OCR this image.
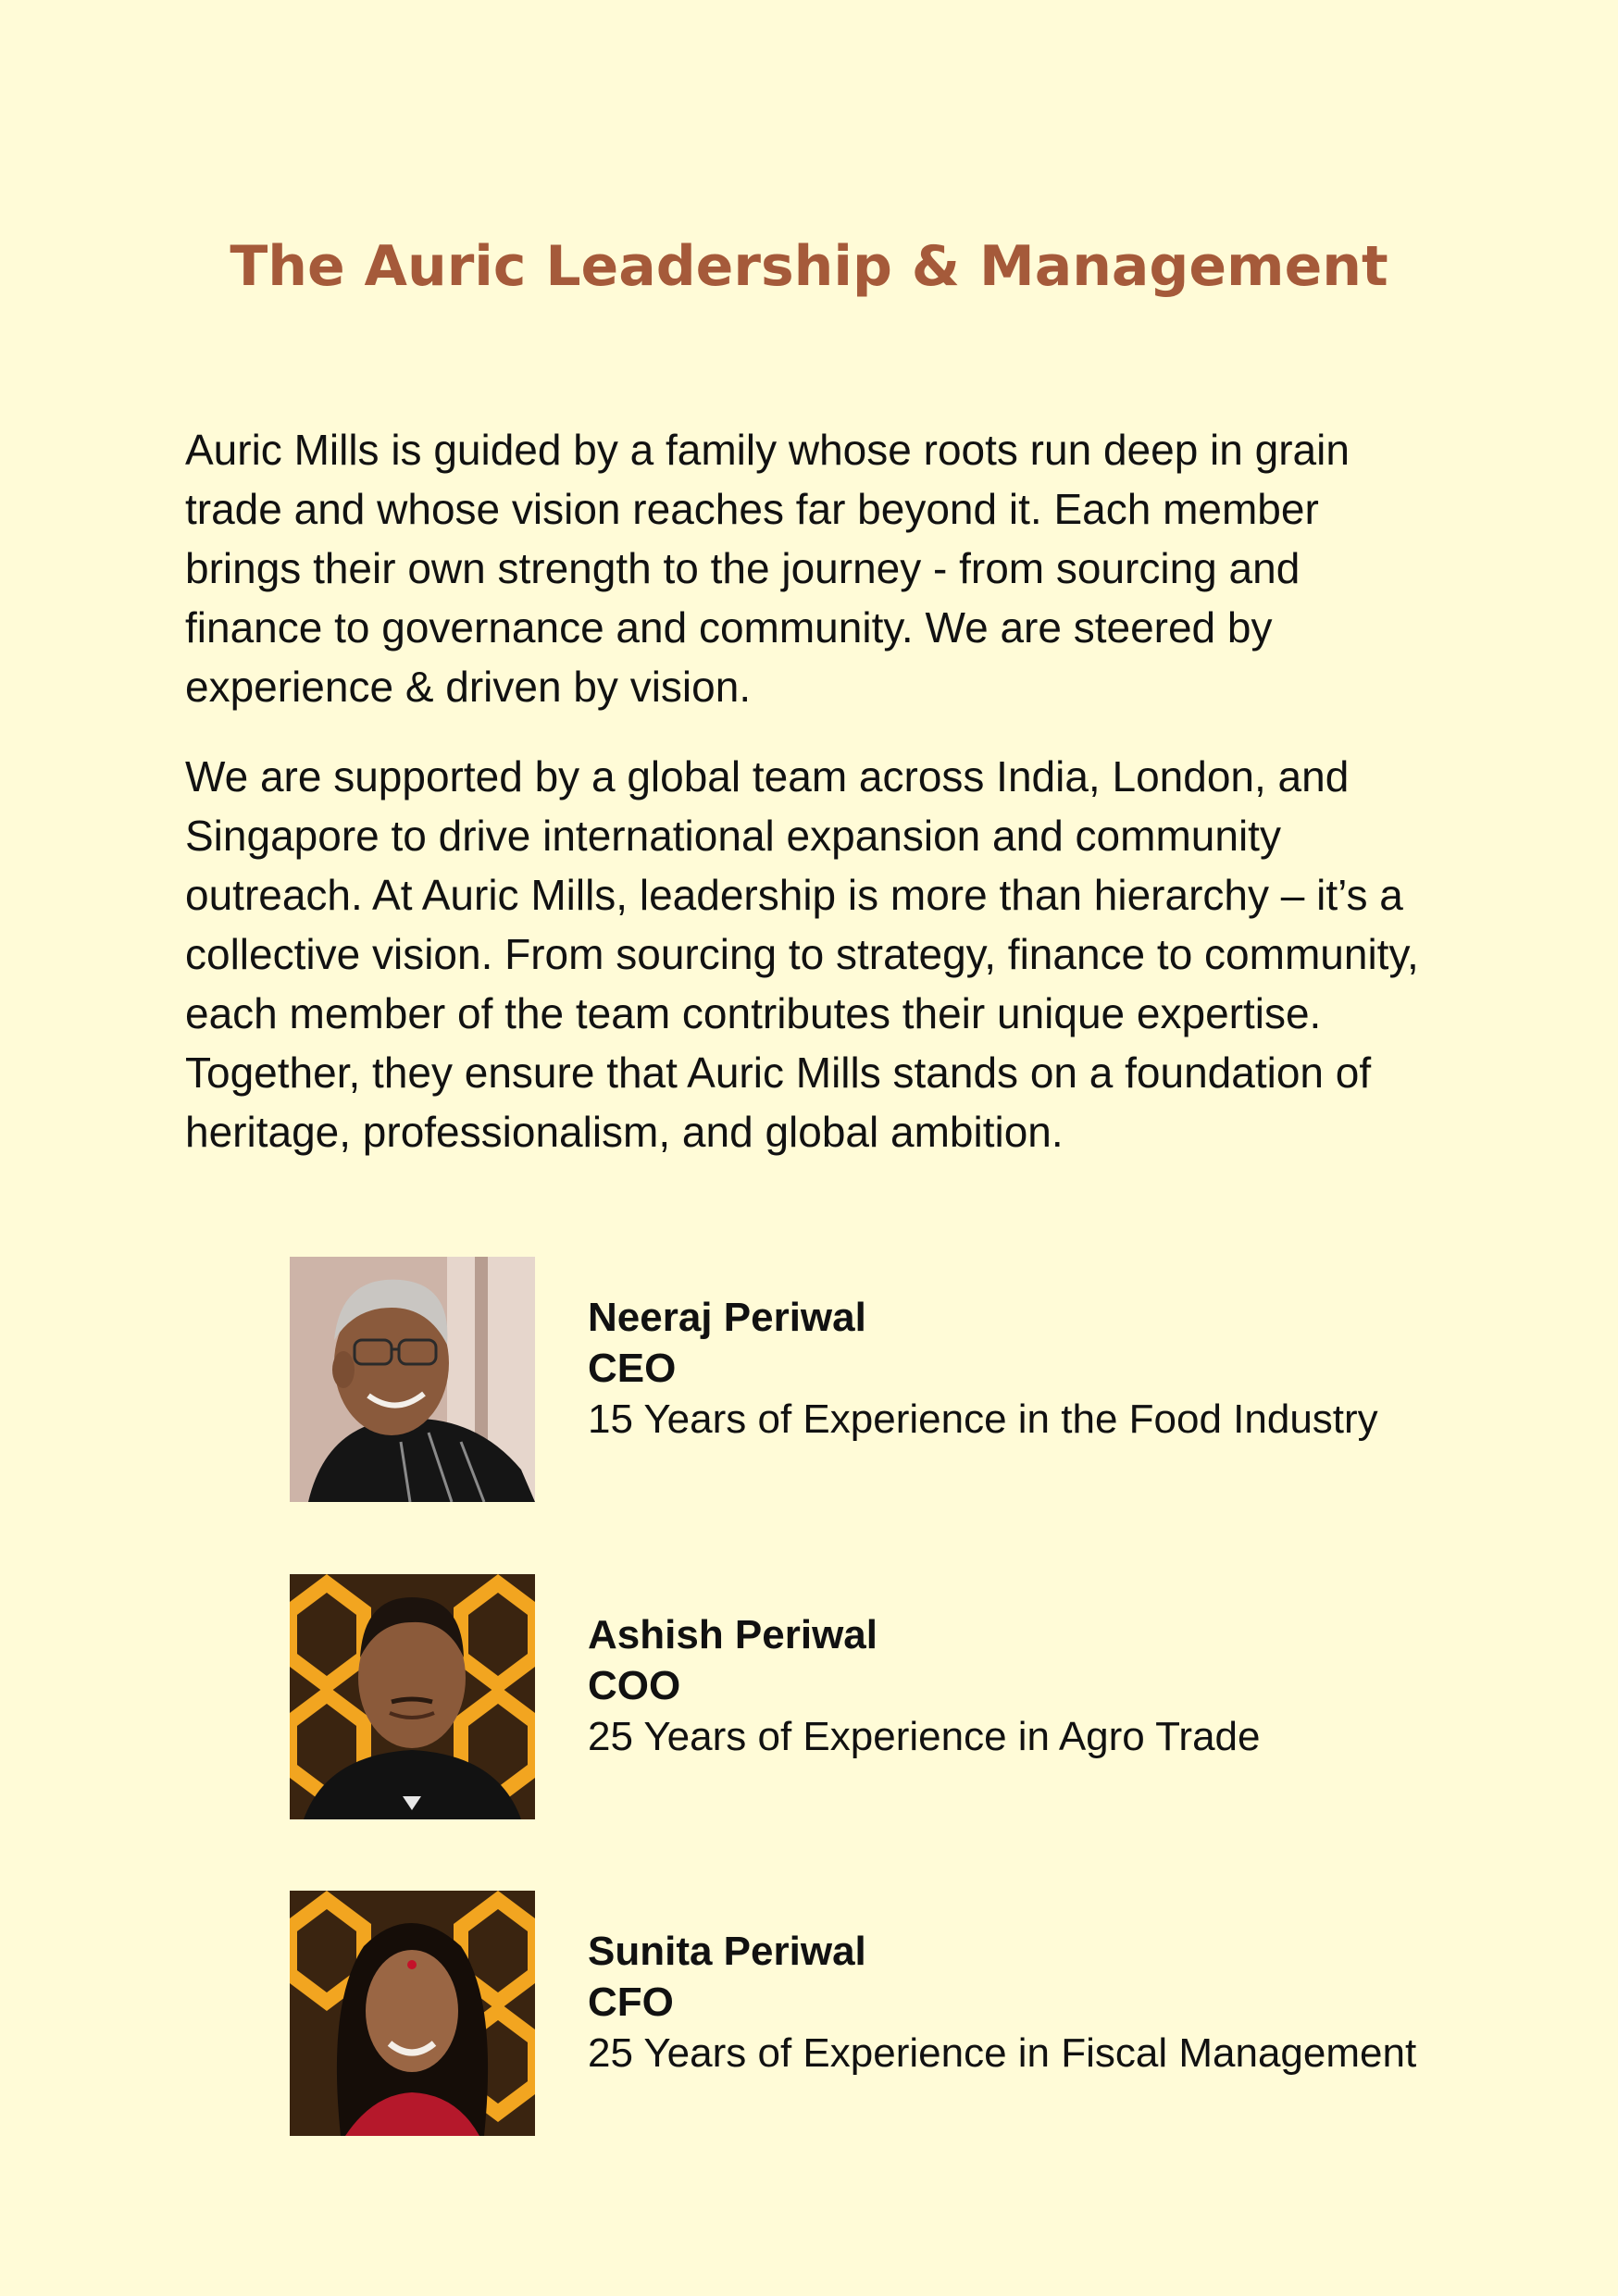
The Auric Leadership & Management

Auric Mills is guided by a family whose roots run deep in grain trade and whose vision reaches far beyond it. Each member brings their own strength to the journey - from sourcing and finance to governance and community. We are steered by experience & driven by vision.

We are supported by a global team across India, London, and Singapore to drive international expansion and community outreach. At Auric Mills, leadership is more than hierarchy – it’s a collective vision. From sourcing to strategy, finance to community, each member of the team contributes their unique expertise. Together, they ensure that Auric Mills stands on a foundation of heritage, professionalism, and global ambition.

Neeraj Periwal
CEO
15 Years of Experience in the Food Industry
Ashish Periwal
COO
25 Years of Experience in Agro Trade
Sunita Periwal
CFO
25 Years of Experience in Fiscal Management
